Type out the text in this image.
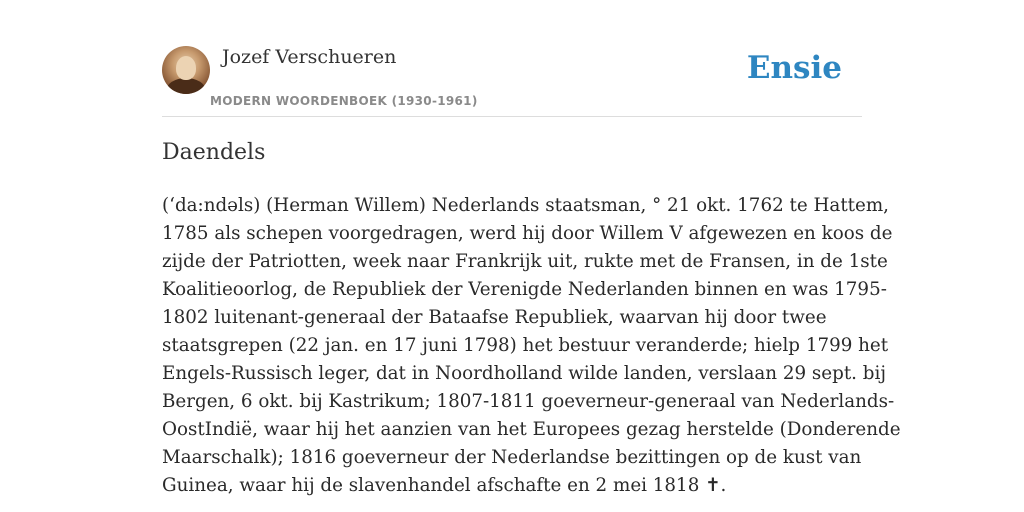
Jozef Verschueren
MODERN WOORDENBOEK (1930-1961)
Ensie
Daendels
(ʻda:ndəls) (Herman Willem) Nederlands staatsman, ° 21 okt. 1762 te Hattem,
1785 als schepen voorgedragen, werd hij door Willem V afgewezen en koos de
zijde der Patriotten, week naar Frankrijk uit, rukte met de Fransen, in de 1ste
Koalitieoorlog, de Republiek der Verenigde Nederlanden binnen en was 1795-
1802 luitenant-generaal der Bataafse Republiek, waarvan hij door twee
staatsgrepen (22 jan. en 17 juni 1798) het bestuur veranderde; hielp 1799 het
Engels-Russisch leger, dat in Noordholland wilde landen, verslaan 29 sept. bij
Bergen, 6 okt. bij Kastrikum; 1807-1811 goeverneur-generaal van Nederlands-
OostIndië, waar hij het aanzien van het Europees gezag herstelde (Donderende
Maarschalk); 1816 goeverneur der Nederlandse bezittingen op de kust van
Guinea, waar hij de slavenhandel afschafte en 2 mei 1818 ✝.
